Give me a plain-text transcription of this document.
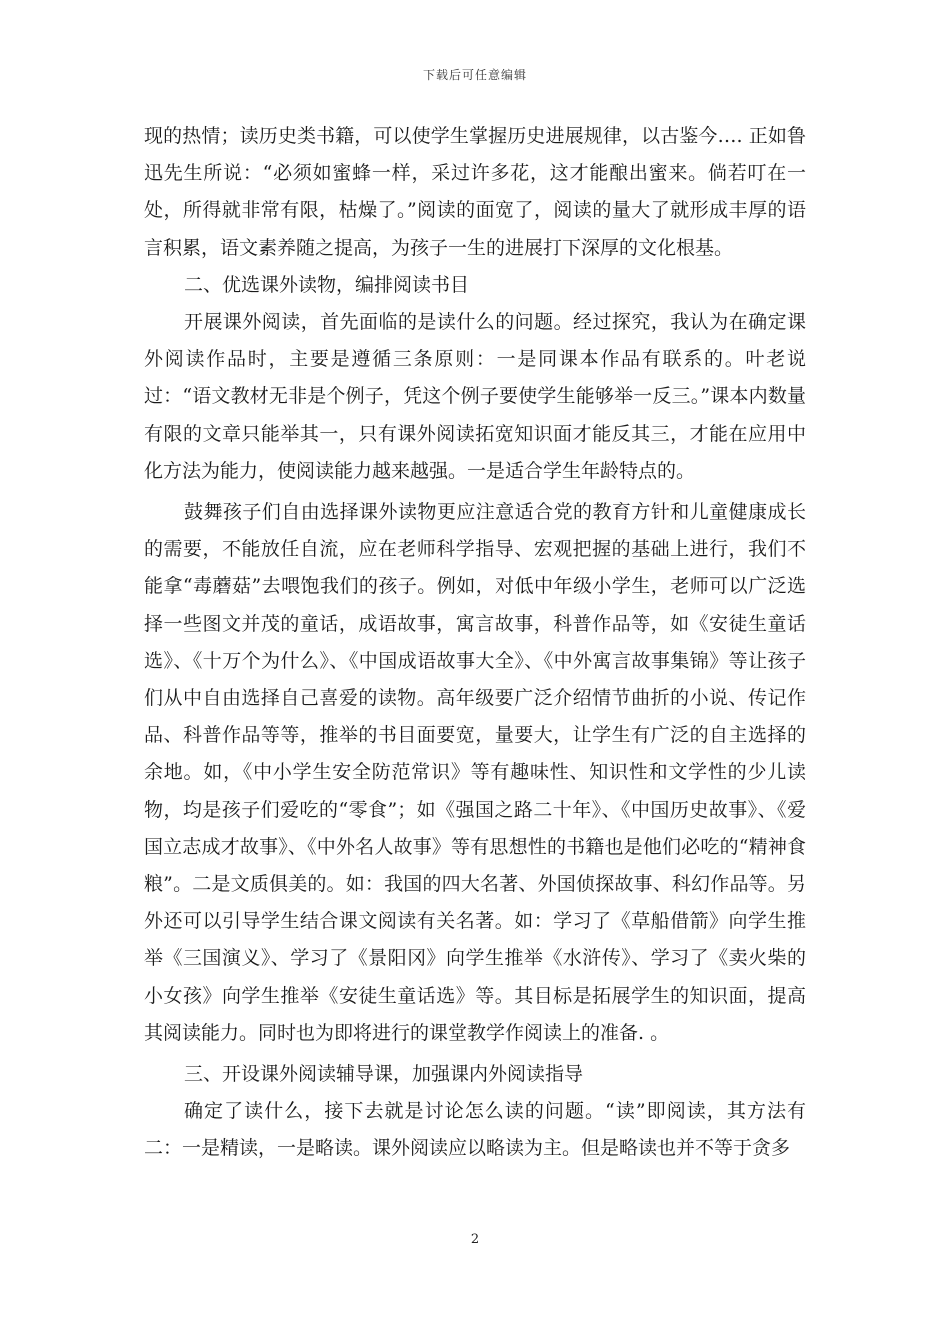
下载后可任意编辑

现的热情；读历史类书籍，可以使学生掌握历史进展规律，以古鉴今…. 正如鲁迅先生所说：“必须如蜜蜂一样，采过许多花，这才能酿出蜜来。倘若叮在一处，所得就非常有限，枯燥了。”阅读的面宽了，阅读的量大了就形成丰厚的语言积累，语文素养随之提高，为孩子一生的进展打下深厚的文化根基。

二、优选课外读物，编排阅读书目

开展课外阅读，首先面临的是读什么的问题。经过探究，我认为在确定课外阅读作品时，主要是遵循三条原则：一是同课本作品有联系的。叶老说过：“语文教材无非是个例子，凭这个例子要使学生能够举一反三。”课本内数量有限的文章只能举其一，只有课外阅读拓宽知识面才能反其三，才能在应用中化方法为能力，使阅读能力越来越强。一是适合学生年龄特点的。

鼓舞孩子们自由选择课外读物更应注意适合党的教育方针和儿童健康成长的需要，不能放任自流，应在老师科学指导、宏观把握的基础上进行，我们不能拿“毒蘑菇”去喂饱我们的孩子。例如，对低中年级小学生，老师可以广泛选择一些图文并茂的童话，成语故事，寓言故事，科普作品等，如《安徒生童话选》、《十万个为什么》、《中国成语故事大全》、《中外寓言故事集锦》等让孩子们从中自由选择自己喜爱的读物。高年级要广泛介绍情节曲折的小说、传记作品、科普作品等等，推举的书目面要宽，量要大，让学生有广泛的自主选择的余地。如，《中小学生安全防范常识》等有趣味性、知识性和文学性的少儿读物，均是孩子们爱吃的“零食”；如《强国之路二十年》、《中国历史故事》、《爱国立志成才故事》、《中外名人故事》等有思想性的书籍也是他们必吃的“精神食粮”。二是文质俱美的。如：我国的四大名著、外国侦探故事、科幻作品等。另外还可以引导学生结合课文阅读有关名著。如：学习了《草船借箭》向学生推举《三国演义》、学习了《景阳冈》向学生推举《水浒传》、学习了《卖火柴的小女孩》向学生推举《安徒生童话选》等。其目标是拓展学生的知识面，提高其阅读能力。同时也为即将进行的课堂教学作阅读上的准备. 。

三、开设课外阅读辅导课，加强课内外阅读指导

确定了读什么，接下去就是讨论怎么读的问题。“读”即阅读，其方法有二：一是精读，一是略读。课外阅读应以略读为主。但是略读也并不等于贪多

2
